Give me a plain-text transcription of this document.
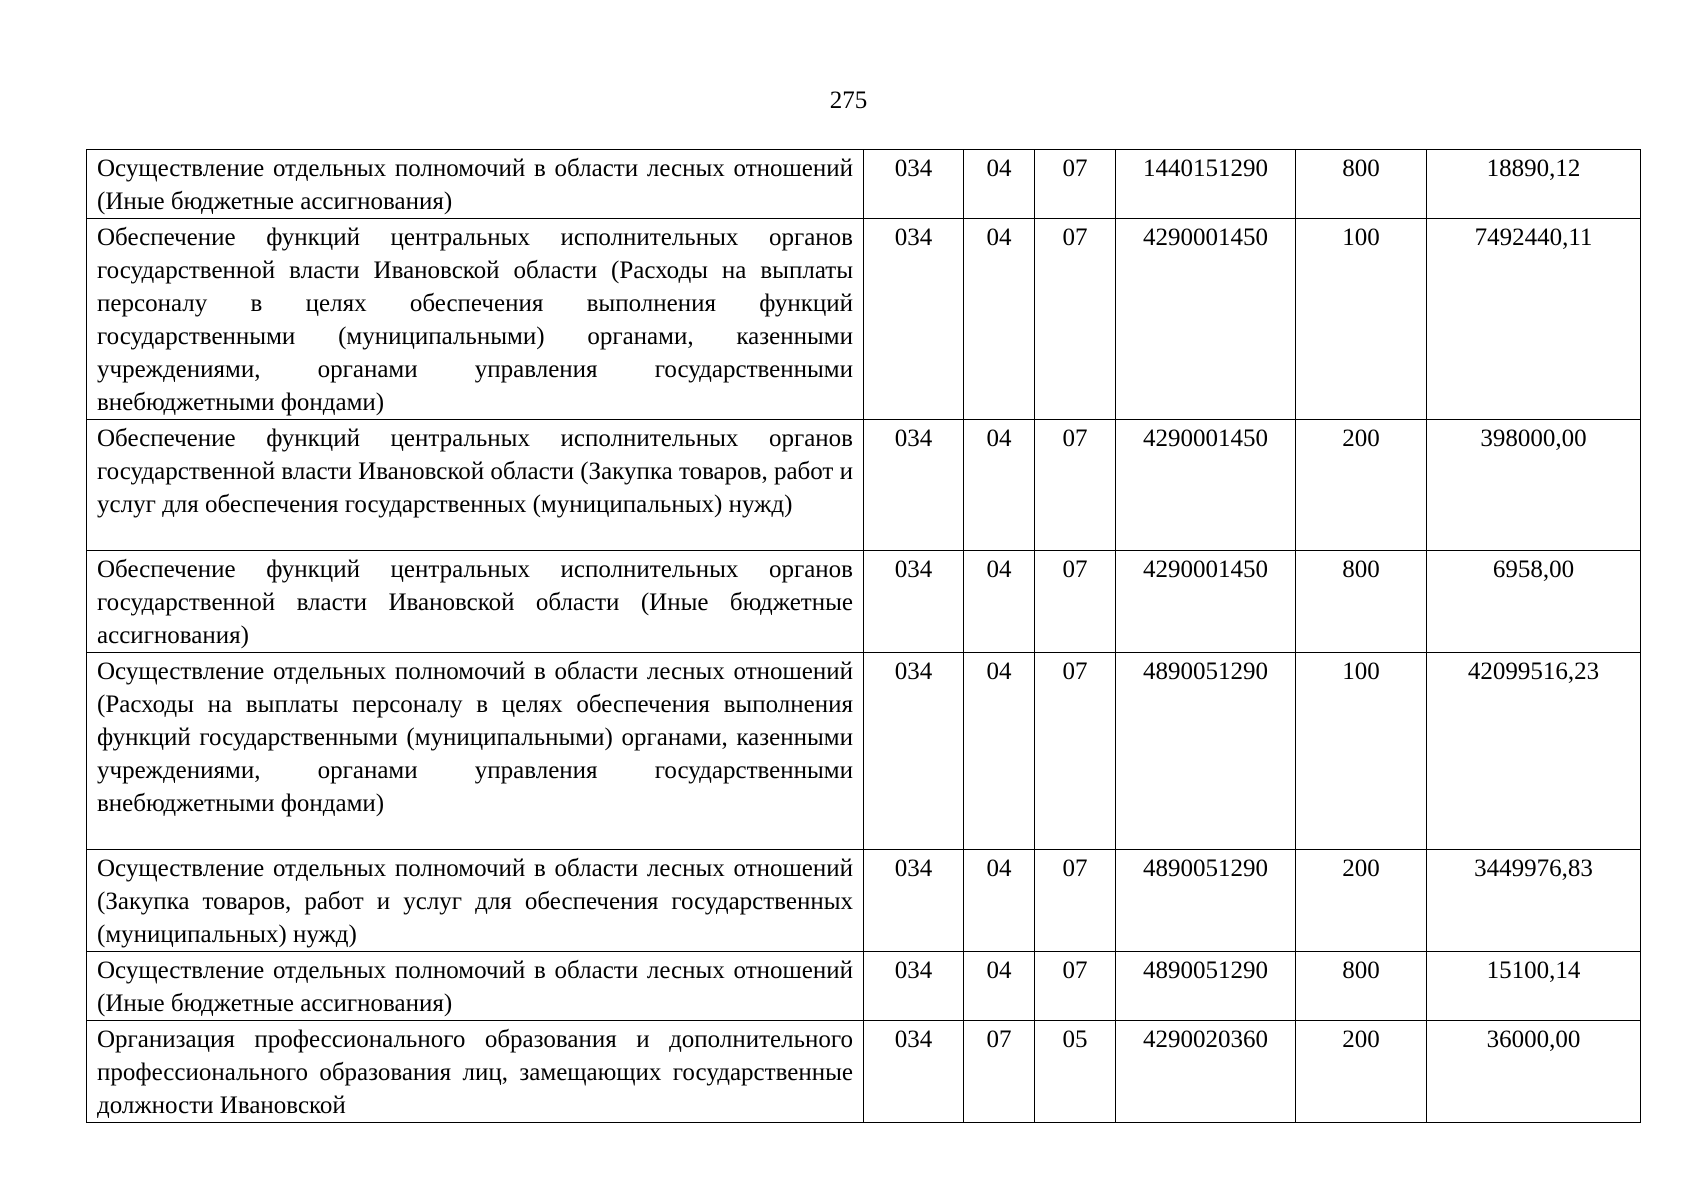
275
Осуществление отдельных полномочий в области лесных отношений (Иные бюджетные ассигнования)	034	04	07	1440151290	800	18890,12
Обеспечение функций центральных исполнительных органов государственной власти Ивановской области (Расходы на выплаты персоналу в целях обеспечения выполнения функций государственными (муниципальными) органами, казенными учреждениями, органами управления государственными внебюджетными фондами)	034	04	07	4290001450	100	7492440,11
Обеспечение функций центральных исполнительных органов государственной власти Ивановской области (Закупка товаров, работ и услуг для обеспечения государственных (муниципальных) нужд)	034	04	07	4290001450	200	398000,00
Обеспечение функций центральных исполнительных органов государственной власти Ивановской области (Иные бюджетные ассигнования)	034	04	07	4290001450	800	6958,00
Осуществление отдельных полномочий в области лесных отношений (Расходы на выплаты персоналу в целях обеспечения выполнения функций государственными (муниципальными) органами, казенными учреждениями, органами управления государственными внебюджетными фондами)	034	04	07	4890051290	100	42099516,23
Осуществление отдельных полномочий в области лесных отношений (Закупка товаров, работ и услуг для обеспечения государственных (муниципальных) нужд)	034	04	07	4890051290	200	3449976,83
Осуществление отдельных полномочий в области лесных отношений (Иные бюджетные ассигнования)	034	04	07	4890051290	800	15100,14
Организация профессионального образования и дополнительного профессионального образования лиц, замещающих государственные должности Ивановской	034	07	05	4290020360	200	36000,00
